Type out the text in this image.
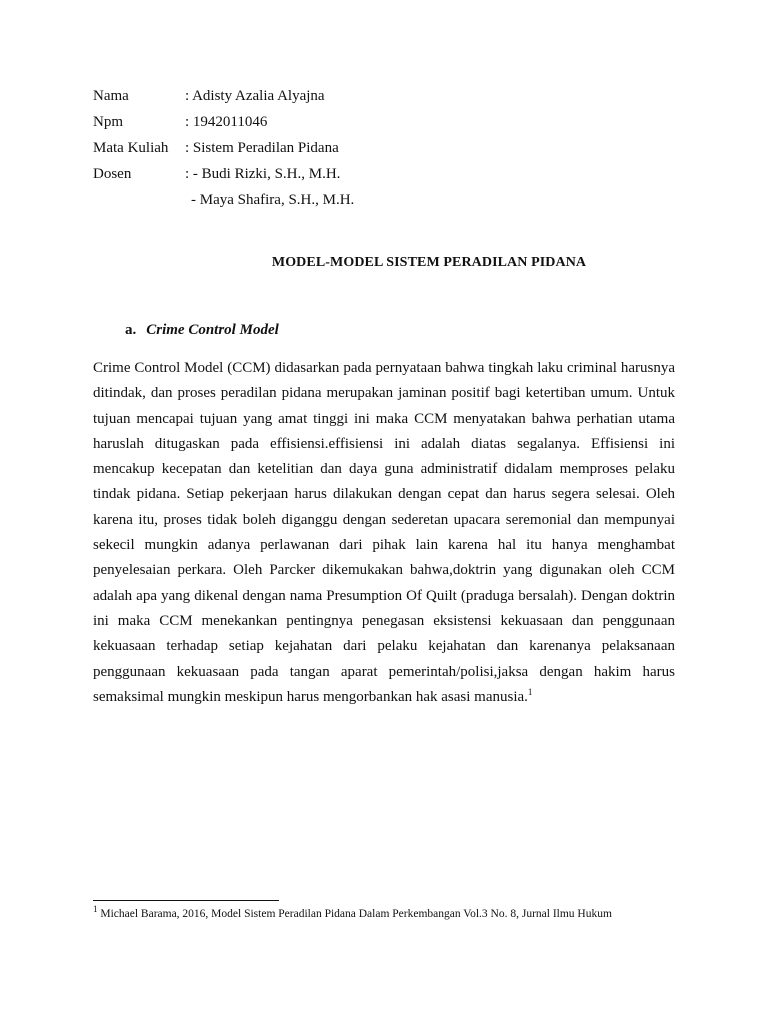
Nama	: Adisty Azalia Alyajna
Npm	: 1942011046
Mata Kuliah : Sistem Peradilan Pidana
Dosen	: - Budi Rizki, S.H., M.H.
- Maya Shafira, S.H., M.H.
MODEL-MODEL SISTEM PERADILAN PIDANA
a. Crime Control Model

Crime Control Model (CCM) didasarkan pada pernyataan bahwa tingkah laku criminal harusnya ditindak, dan proses peradilan pidana merupakan jaminan positif bagi ketertiban umum. Untuk tujuan mencapai tujuan yang amat tinggi ini maka CCM menyatakan bahwa perhatian utama haruslah ditugaskan pada effisiensi.effisiensi ini adalah diatas segalanya. Effisiensi ini mencakup kecepatan dan ketelitian dan daya guna administratif didalam memproses pelaku tindak pidana. Setiap pekerjaan harus dilakukan dengan cepat dan harus segera selesai. Oleh karena itu, proses tidak boleh diganggu dengan sederetan upacara seremonial dan mempunyai sekecil mungkin adanya perlawanan dari pihak lain karena hal itu hanya menghambat penyelesaian perkara. Oleh Parcker dikemukakan bahwa,doktrin yang digunakan oleh CCM adalah apa yang dikenal dengan nama Presumption Of Quilt (praduga bersalah). Dengan doktrin ini maka CCM menekankan pentingnya penegasan eksistensi kekuasaan dan penggunaan kekuasaan terhadap setiap kejahatan dari pelaku kejahatan dan karenanya pelaksanaan penggunaan kekuasaan pada tangan aparat pemerintah/polisi,jaksa dengan hakim harus semaksimal mungkin meskipun harus mengorbankan hak asasi manusia.$^1$

$^1$ Michael Barama, 2016, Model Sistem Peradilan Pidana Dalam Perkembangan Vol.3 No. 8, Jurnal Ilmu Hukum
